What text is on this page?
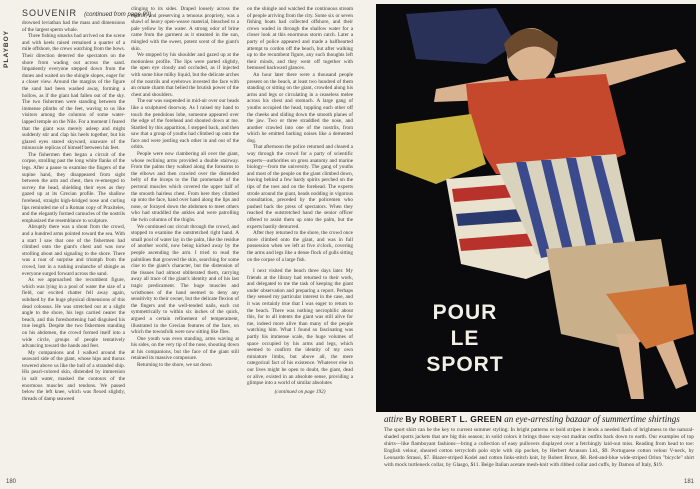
PLAYBOY
SOUVENIR (continued from page 99)

drowned leviathan had the mass and dimensions of the largest sperm whale.

Three fishing smacks had arrived on the scene and with keels raised remained a quarter of a mile offshore, the crews watching from the bows. Their direction deterred the spectators on the shore from wading out across the sand. Impatiently everyone stepped down from the dunes and waited on the shingle slopes, eager for a closer view. Around the margins of the figure the sand had been washed away, forming a hollow, as if the giant had fallen out of the sky. The two fishermen were standing between the immense plinths of the feet, waving to us like visitors among the columns of some water-lapped temple on the Nile. For a moment I feared that the giant was merely asleep and might suddenly stir and clap his heels together, but his glazed eyes stared skyward, unaware of the minuscule replicas of himself between his feet.

The fishermen then began a circuit of the corpse, strolling past the long white flanks of the legs. After a pause to examine the fingers of the supine hand, they disappeared from sight between the arm and chest, then re-emerged to survey the head, shielding their eyes as they gazed up at its Grecian profile. The shallow forehead, straight high-bridged nose and curling lips reminded me of a Roman copy of Praxiteles, and the elegantly formed carnucles of the nostrils emphasized the resemblance to sculpture.

Abruptly there was a shout from the crowd, and a hundred arms pointed toward the sea. With a start I saw that one of the fishermen had climbed onto the giant's chest and was now strolling about and signaling to the shore. There was a roar of surprise and triumph from the crowd, lost in a rushing avalanche of shingle as everyone surged forward across the sand.

As we approached the recumbent figure, which was lying in a pool of water the size of a field, our excited chatter fell away again, subdued by the huge physical dimensions of this dead colossus. He was stretched out at a slight angle to the shore, his legs carried nearer the beach, and this foreshortening had disguised his true length. Despite the two fishermen standing on his abdomen, the crowd formed itself into a wide circle, groups of people tentatively advancing toward the hands and feet.

My companions and I walked around the seaward side of the giant, whose hips and thorax towered above us like the hull of a stranded ship. His pearl-colored skin, distended by immersion in salt water, masked the contours of the enormous muscles and tendons. We passed below the left knee, which was flexed slightly, threads of damp seaweed

clinging to its sides. Draped loosely across the midriff, and preserving a tenuous propriety, was a shawl of heavy open-weave material, bleached to a pale yellow by the water. A strong odor of brine came from the garment as it steamed in the sun, mingled with the sweet, potent scent of the giant's skin.

We stopped by his shoulder and gazed up at the motionless profile. The lips were parted slightly, the open eye cloudy and occluded, as if injected with some blue milky liquid, but the delicate arches of the nostrils and eyebrows invested the face with an ornate charm that belied the brutish power of the chest and shoulders.

The ear was suspended in mid-air over our heads like a sculptured doorway. As I raised my hand to touch the pendulous lobe, someone appeared over the edge of the forehead and shouted down at me. Startled by this apparition, I stepped back, and then saw that a group of youths had climbed up onto the face and were jostling each other in and out of the orbits.

People were now clambering all over the giant, whose reclining arms provided a double stairway. From the palms they walked along the forearms to the elbows and then crawled over the distended belly of the biceps to the flat promenade of the pectoral muscles which covered the upper half of the smooth hairless chest. From here they climbed up onto the face, hand over hand along the lips and nose, or forayed down the abdomen to meet others who had straddled the ankles and were patrolling the twin columns of the thighs.

We continued our circuit through the crowd, and stopped to examine the outstretched right hand. A small pool of water lay in the palm, like the residue of another world, now being kicked away by the people ascending the arm. I tried to read the palmlines that grooved the skin, searching for some clue to the giant's character, but the distension of the tissues had almost obliterated them, carrying away all trace of the giant's identity and of his last tragic predicament. The huge muscles and wristbones of the hand seemed to deny any sensitivity to their owner, but the delicate flexion of the fingers and the well-tended nails, each cut symmetrically to within six inches of the quick, argued a certain refinement of temperament, illustrated in the Grecian features of the face, on which the townsfolk were now sitting like flies.

One youth was even standing, arms waving at his sides, on the very tip of the nose, shouting down at his companions, but the face of the giant still retained its massive composure.

Returning to the shore, we sat down

on the shingle and watched the continuous stream of people arriving from the city. Some six or seven fishing boats had collected offshore, and their crews waded in through the shallow water for a closer look at this enormous storm catch. Later a party of police appeared and made a halfhearted attempt to cordon off the beach, but after walking up to the recumbent figure, any such thoughts left their minds, and they went off together with bemused backward glances.

An hour later there were a thousand people present on the beach, at least two hundred of them standing or sitting on the giant, crowded along his arms and legs or circulating in a ceaseless melee across his chest and stomach. A large gang of youths occupied the head, toppling each other off the cheeks and sliding down the smooth planes of the jaw. Two or three straddled the nose, and another crawled into one of the nostrils, from which he emitted barking noises like a demented dog.

That afternoon the police returned and cleared a way through the crowd for a party of scientific experts—authorities on gross anatomy and marine biology—from the university. The gang of youths and most of the people on the giant climbed down, leaving behind a few hardy spirits perched on the tips of the toes and on the forehead. The experts strode around the giant, heads nodding in vigorous consultation, preceded by the policemen who pushed back the press of spectators. When they reached the outstretched hand the senior officer offered to assist them up onto the palm, but the experts hastily demurred.

After they returned to the shore, the crowd once more climbed onto the giant, and was in full possession when we left at five o'clock, covering the arms and legs like a dense flock of gulls sitting on the corpse of a large fish.

I next visited the beach three days later. My friends at the library had returned to their work, and delegated to me the task of keeping the giant under observation and preparing a report. Perhaps they sensed my particular interest in the case, and it was certainly true that I was eager to return to the beach. There was nothing necrophilic about this, for to all intents the giant was still alive for me, indeed more alive than many of the people watching him. What I found so fascinating was partly his immense scale, the huge volumes of space occupied by his arms and legs, which seemed to confirm the identity of my own miniature limbs, but above all, the mere categorical fact of his existence. Whatever else in our lives might be open to doubt, the giant, dead or alive, existed in an absolute sense, providing a glimpse into a world of similar absolutes

(continued on page 192)
180
POUR
LE
SPORT
attire By ROBERT L. GREEN an eye-arresting bazaar of summertime shirtings
The sport shirt can be the key to current summer styling: In bright patterns or bold stripes it lends a needed flash of brightness to the natural-shaded sports jackets that are big this season; in solid colors it brings those way-out madras outfits back down to earth. Our examples of top shirts—like flamboyant fashions—bring a collection of easy pullovers displayed over a fetchingly laid-out miss. Reading from head to toe: English velour, sheared cotton terrycloth polo style with zip pocket, by Herbert Arunson Ltd., $9. Portuguese cotton velour V-neck, by Leonardo Strassi, $7. Blazer-striped Kodel and cotton links-stitch knit, by Robert Bruce, $8. Red-and-blue wide-striped Orlon "bicycle" shirt with mock turtleneck collar, by Glasgo, $11. Beige Italian acetate mesh-knit with ribbed collar and cuffs, by Damon of Italy, $19.
181
